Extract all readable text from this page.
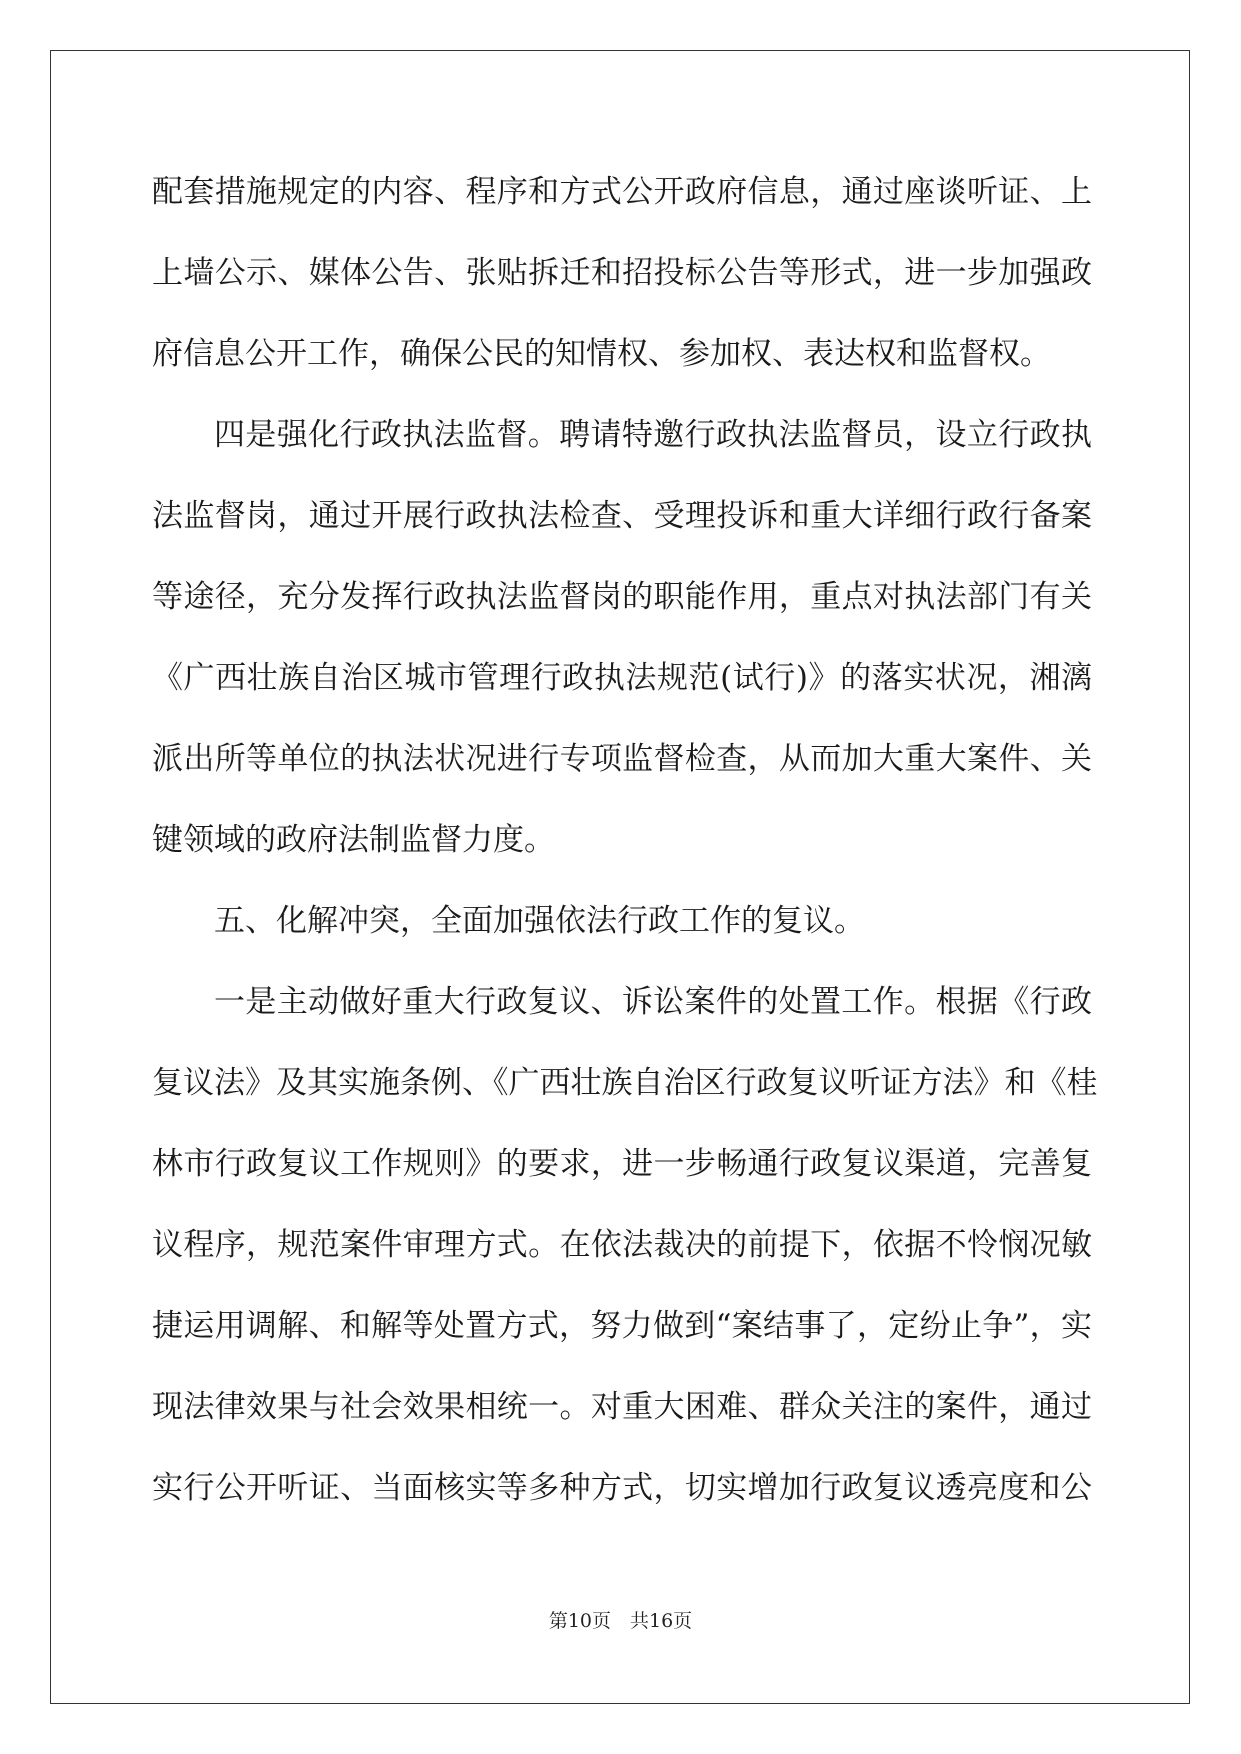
配套措施规定的内容、程序和方式公开政府信息，通过座谈听证、上
上墙公示、媒体公告、张贴拆迁和招投标公告等形式，进一步加强政
府信息公开工作，确保公民的知情权、参加权、表达权和监督权。
四是强化行政执法监督。聘请特邀行政执法监督员，设立行政执
法监督岗，通过开展行政执法检查、受理投诉和重大详细行政行备案
等途径，充分发挥行政执法监督岗的职能作用，重点对执法部门有关
《广西壮族自治区城市管理行政执法规范(试行)》的落实状况，湘漓
派出所等单位的执法状况进行专项监督检查，从而加大重大案件、关
键领域的政府法制监督力度。
五、化解冲突，全面加强依法行政工作的复议。
一是主动做好重大行政复议、诉讼案件的处置工作。根据《行政
复议法》及其实施条例、《广西壮族自治区行政复议听证方法》和《桂
林市行政复议工作规则》的要求，进一步畅通行政复议渠道，完善复
议程序，规范案件审理方式。在依法裁决的前提下，依据不怜悯况敏
捷运用调解、和解等处置方式，努力做到“案结事了，定纷止争”，实
现法律效果与社会效果相统一。对重大困难、群众关注的案件，通过
实行公开听证、当面核实等多种方式，切实增加行政复议透亮度和公
第10页　共16页
